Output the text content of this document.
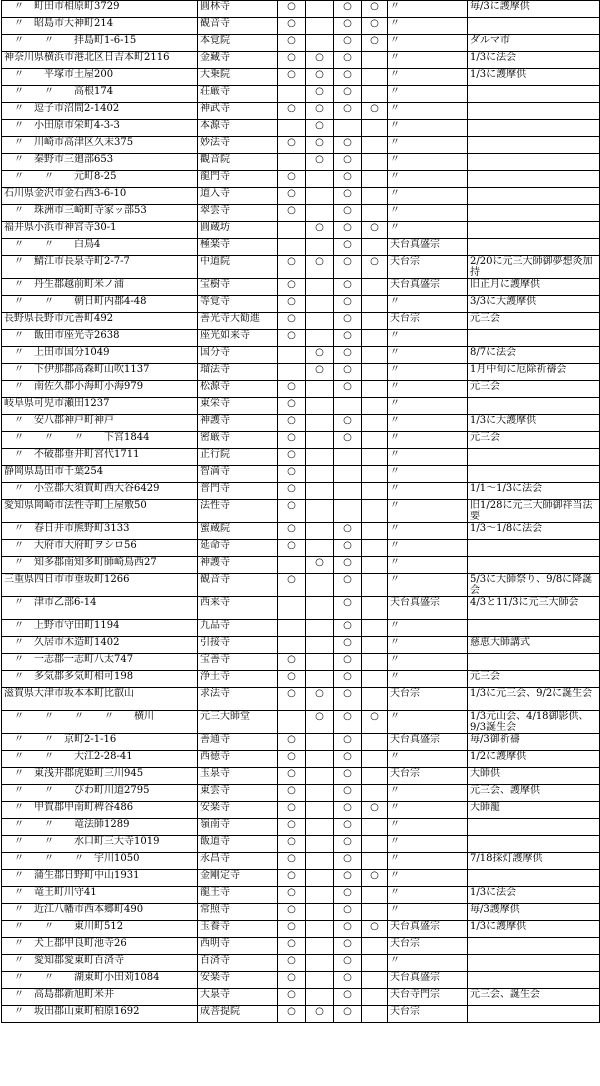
　〃　町田市相原町3729	圓林寺	○		○	○	〃	毎/3に護摩供
　〃　昭島市大神町214	観音寺	○		○	○	〃	
　〃　　〃　　拝島町1-6-15	本覚院	○		○	○	〃	ダルマ市
神奈川県横浜市港北区日吉本町2116	金藏寺	○	○	○		〃	1/3に法会
　〃　　平塚市土屋200	大乗院	○	○	○		〃	1/3に護摩供
　〃　　〃　　高根174	荘厳寺		○	○		〃	
　〃　逗子市沼間2-1402	神武寺	○	○	○	○	〃	
　〃　小田原市栄町4-3-3	本源寺		○			〃	
　〃　川崎市高津区久末375	妙法寺	○	○	○		〃	
　〃　秦野市三廻部653	觀音院		○	○		〃	
　〃　　〃　　元町8-25	龍門寺	○		○		〃	
石川県金沢市金石西3-6-10	道入寺	○		○		〃	
　〃　珠洲市三崎町寺家ッ部53	翠雲寺	○		○		〃	
福井県小浜市神宮寺30-1	圓蔵坊		○	○	○	〃	
　〃　　〃　　白鳥4	極楽寺			○		天台真盛宗	
　〃　鯖江市長泉寺町2-7-7	中道院	○	○	○	○	天台宗	2/20に元三大師御夢想灸加持
　〃　丹生郡越前町米ノ浦	宝樹寺	○		○		天台真盛宗	旧正月に護摩供
　〃　　〃　　朝日町内郡4-48	等覚寺	○		○		〃	3/3に大護摩供
長野県長野市元善町492	善光寺大勧進	○		○		天台宗	元三会
　〃　飯田市座光寺2638	座光如来寺	○		○		〃	
　〃　上田市国分1049	国分寺		○	○		〃	8/7に法会
　〃　下伊那郡高森町山吹1137	瑠法寺		○	○		〃	1月中旬に厄除祈禱会
　〃　南佐久郡小海町小海979	松源寺	○		○		〃	元三会
岐阜県可児市瀬田1237	東栄寺	○				〃	
　〃　安八郡神戸町神戸	神護寺	○		○		〃	1/3に大護摩供
　〃　　〃　　〃　　下宮1844	密厳寺	○		○		〃	元三会
　〃　不破郡垂井町宮代1711	正行院	○				〃	
静岡県島田市千葉254	智満寺	○				〃	
　〃　小笠郡大須賀町西大谷6429	普門寺	○				〃	1/1〜1/3に法会
愛知県岡崎市法性寺町上屋敷50	法性寺	○				〃	旧1/28に元三大師御祥当法要
　〃　春日井市熊野町3133	蜜蔵院	○		○		〃	1/3〜1/8に法会
　〃　大府市大府町ヲシロ56	延命寺	○		○		〃	
　〃　知多郡南知多町師崎鳥西27	神護寺		○	○		〃	
三重県四日市市垂坂町1266	観音寺	○		○		〃	5/3に大師祭り、9/8に降誕会
　〃　津市乙部6-14	西来寺			○		天台真盛宗	4/3と11/3に元三大師会
　〃　上野市守田町1194	九品寺			○		〃	
　〃　久居市木造町1402	引接寺			○		〃	慈恵大師講式
　〃　一志郡一志町八太747	宝善寺	○		○		〃	
　〃　多気郡多気町相可198	浄土寺	○		○		〃	元三会
滋賀県大津市坂本本町比叡山	求法寺	○	○	○		天台宗	1/3に元三会、9/2に誕生会
　〃　　〃　　〃　　〃　　横川	元三大師堂		○	○	○	〃	1/3元山会、4/18御影供、9/3誕生会
　〃　　〃　京町2-1-16	善通寺	○		○		天台真盛宗	毎/3御祈禱
　〃　　〃　　大江2-28-41	西徳寺	○		○		〃	1/2に護摩供
　〃　東浅井郡虎姫町三川945	玉泉寺	○		○		天台宗	大師供
　〃　　〃　　びわ町川道2795	東雲寺	○		○		〃	元三会、護摩供
　〃　甲賀郡甲南町稗谷486	安楽寺	○		○	○	〃	大師籠
　〃　　〃　　竜法師1289	嶺南寺	○		○		〃	
　〃　　〃　　水口町三大寺1019	飯道寺	○		○		〃	
　〃　　〃　　〃　宇川1050	永昌寺	○		○		〃	7/18採灯護摩供
　〃　蒲生郡日野町中山1931	金剛定寺	○		○	○	〃	
　〃　竜王町川守41	龍王寺	○		○		〃	1/3に法会
　〃　近江八幡市西本郷町490	常照寺	○		○		〃	毎/3護摩供
　〃　　〃　　東川町512	玉養寺	○		○	○	天台真盛宗	1/3に護摩供
　〃　犬上郡甲良町池寺26	西明寺	○		○		天台宗	
　〃　愛知郡愛東町百済寺	百済寺	○		○		〃	
　〃　　〃　　湖東町小田苅1084	安楽寺	○		○		天台真盛宗	
　〃　高島郡新旭町米井	大泉寺	○		○		天台寺門宗	元三会、誕生会
　〃　坂田郡山東町柏原1692	成菩提院	○	○	○		天台宗	
